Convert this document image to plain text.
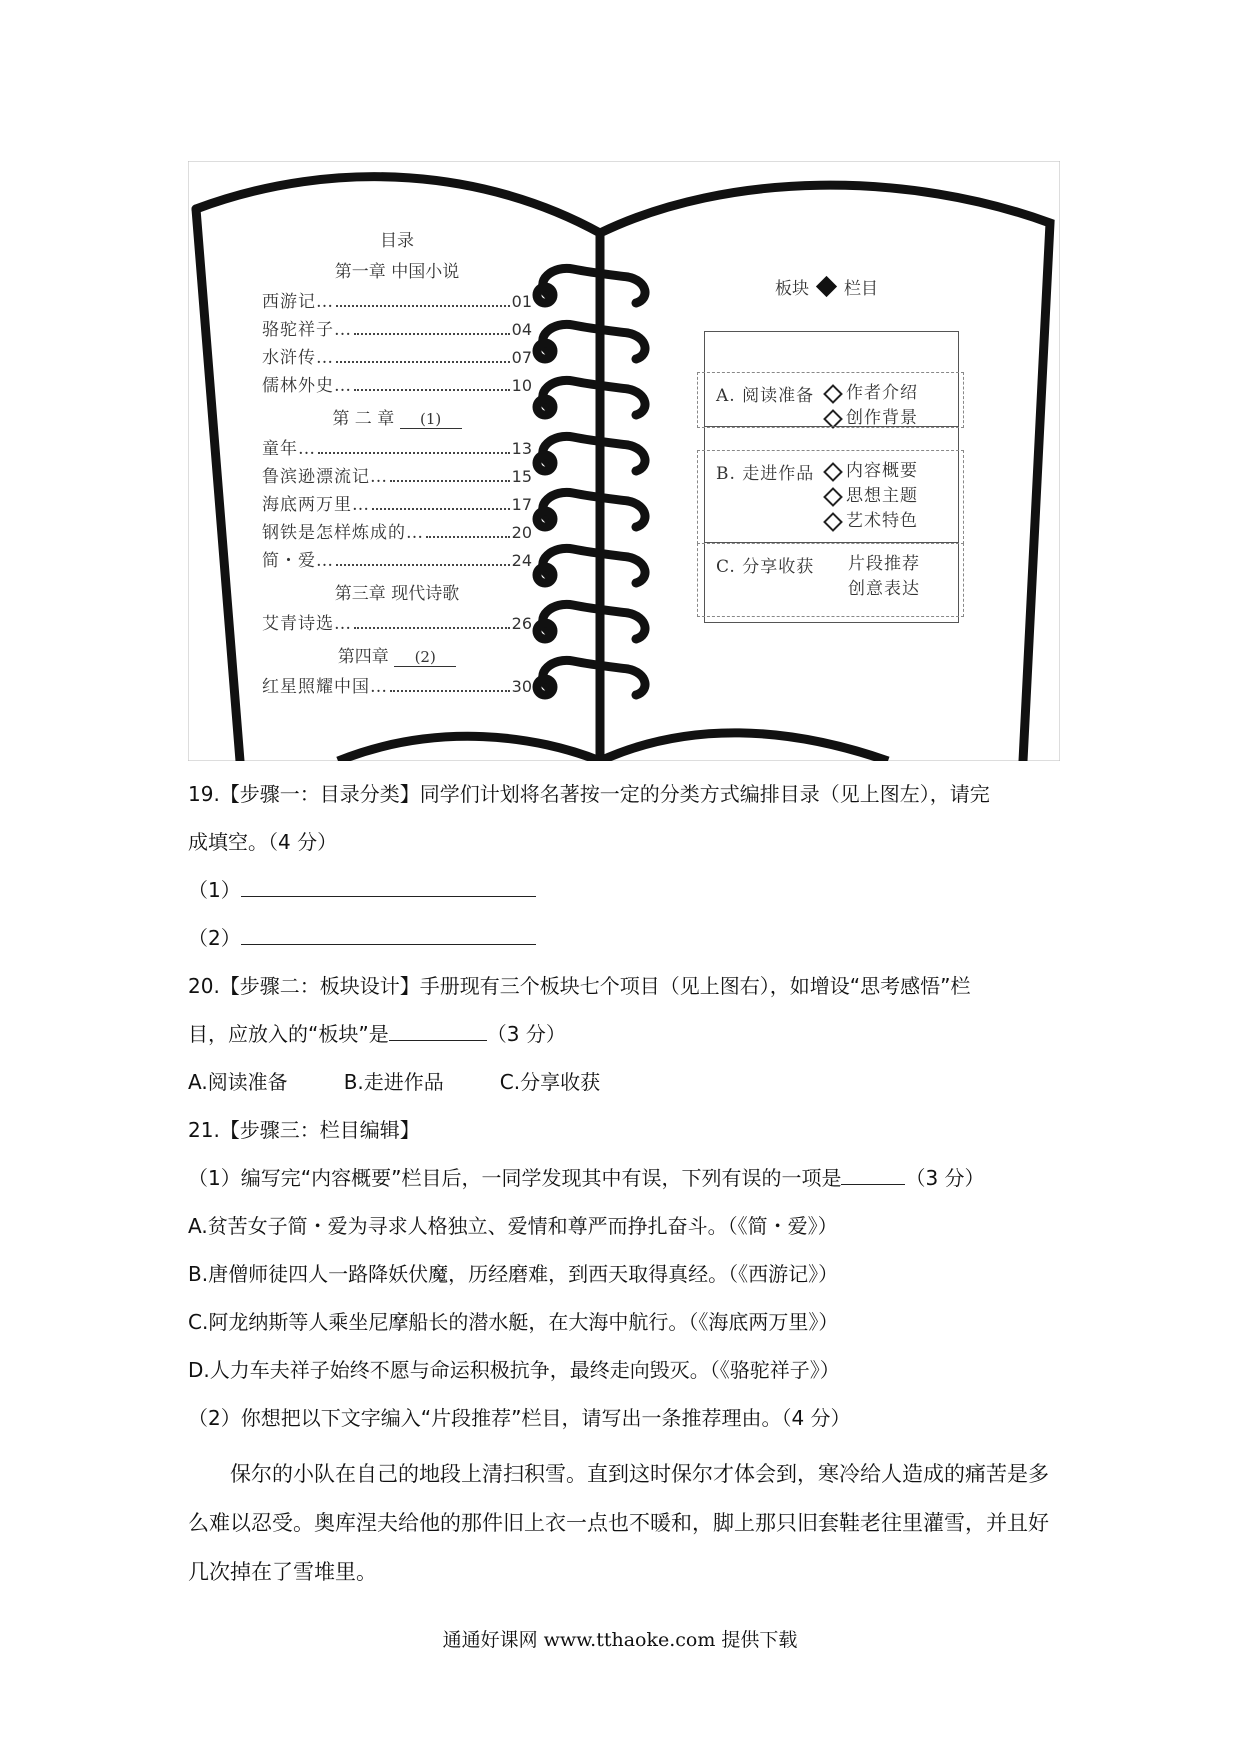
目录
第一章 中国小说
西游记…	01
骆驼祥子…	04
水浒传…	07
儒林外史…	10
第 二 章 (1)
童年…	13
鲁滨逊漂流记…	15
海底两万里…	17
钢铁是怎样炼成的…	20
简・爱…	24
第三章 现代诗歌
艾青诗选…	26
第四章 (2)
红星照耀中国…	30
板块 栏目
A. 阅读准备 作者介绍
创作背景
B. 走进作品 内容概要
思想主题
艺术特色
C. 分享收获 片段推荐
创意表达
19.【步骤一：目录分类】同学们计划将名著按一定的分类方式编排目录（见上图左），请完
成填空。（4 分）
（1）
（2）
20.【步骤二：板块设计】手册现有三个板块七个项目（见上图右），如增设“思考感悟”栏
目，应放入的“板块”是	（3 分）
A.阅读准备	B.走进作品	C.分享收获
21.【步骤三：栏目编辑】
（1）编写完“内容概要”栏目后，一同学发现其中有误，下列有误的一项是	（3 分）
A.贫苦女子简・爱为寻求人格独立、爱情和尊严而挣扎奋斗。（《简・爱》）
B.唐僧师徒四人一路降妖伏魔，历经磨难，到西天取得真经。（《西游记》）
C.阿龙纳斯等人乘坐尼摩船长的潜水艇，在大海中航行。（《海底两万里》）
D.人力车夫祥子始终不愿与命运积极抗争，最终走向毁灭。（《骆驼祥子》）
（2）你想把以下文字编入“片段推荐”栏目，请写出一条推荐理由。（4 分）
保尔的小队在自己的地段上清扫积雪。直到这时保尔才体会到，寒冷给人造成的痛苦是多么难以忍受。奥库涅夫给他的那件旧上衣一点也不暖和，脚上那只旧套鞋老往里灌雪，并且好几次掉在了雪堆里。
通通好课网 www.tthaoke.com 提供下载
